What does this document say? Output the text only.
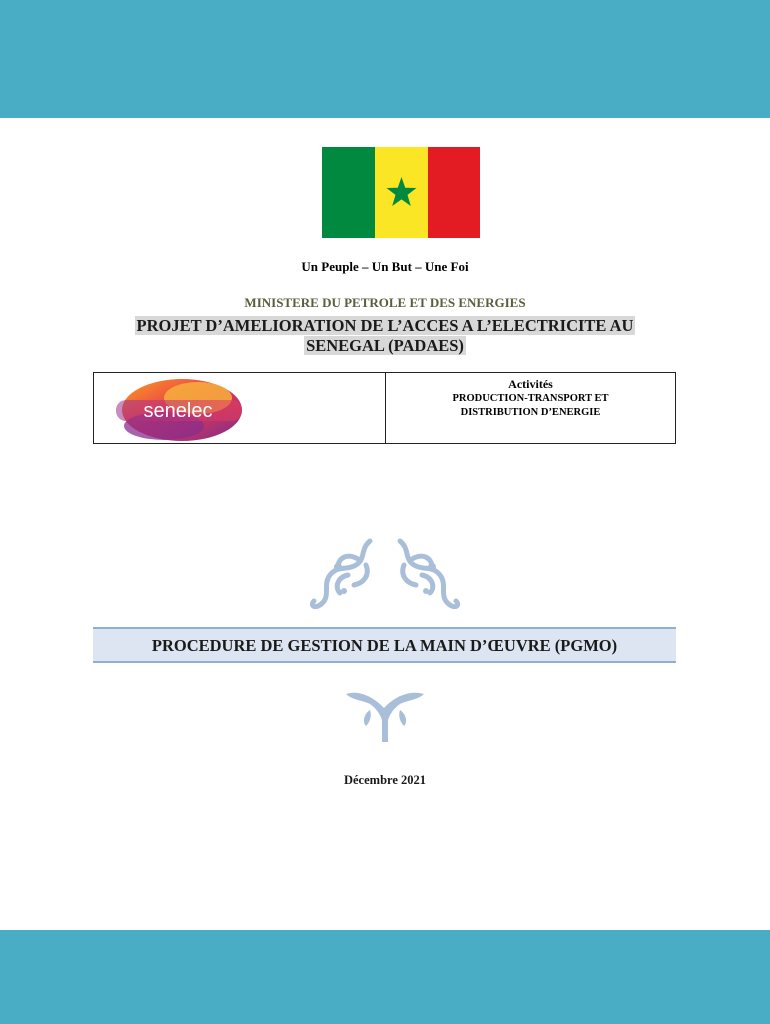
Un Peuple – Un But – Une Foi
MINISTERE DU PETROLE ET DES ENERGIES
PROJET D’AMELIORATION DE L’ACCES A L’ELECTRICITE AU
SENEGAL (PADAES)
senelec
Activités
PRODUCTION-TRANSPORT ET
DISTRIBUTION D’ENERGIE
PROCEDURE DE GESTION DE LA MAIN D’ŒUVRE (PGMO)
Décembre 2021
